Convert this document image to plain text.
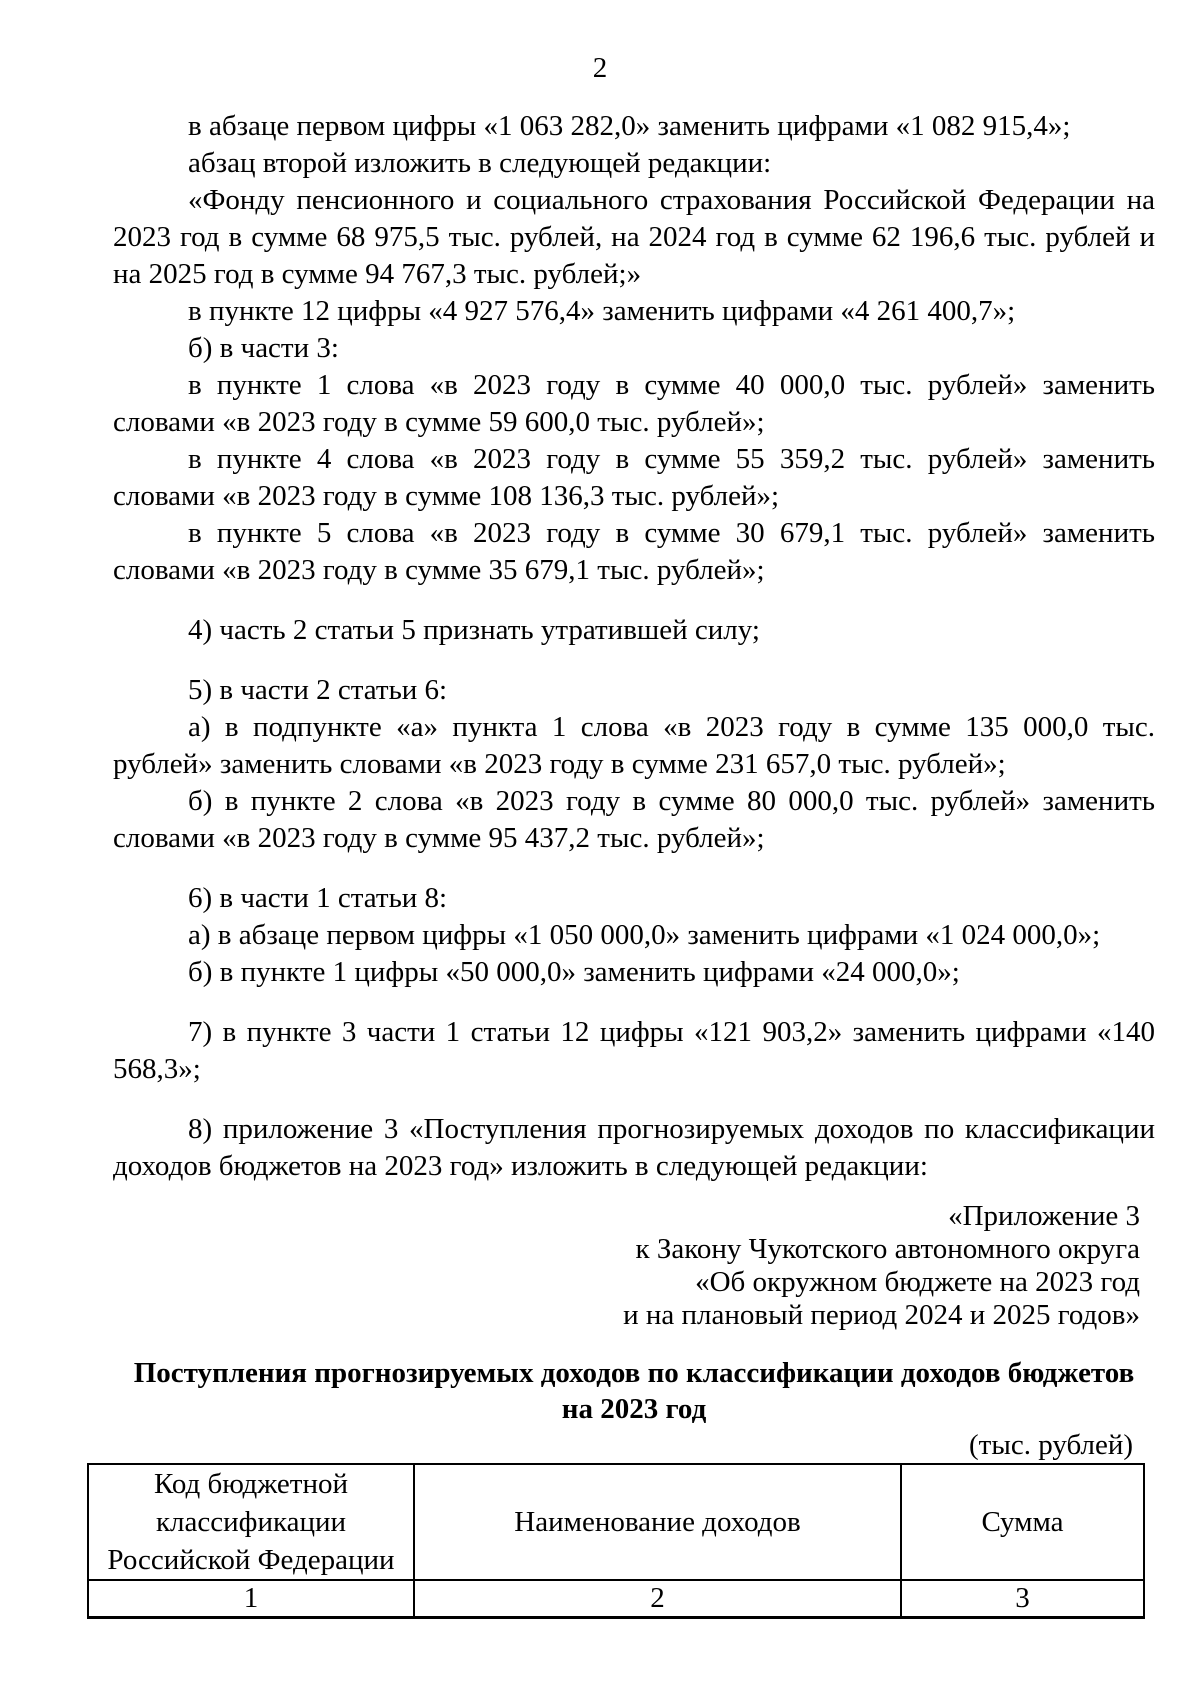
2

в абзаце первом цифры «1 063 282,0» заменить цифрами «1 082 915,4»;

абзац второй изложить в следующей редакции:

«Фонду пенсионного и социального страхования Российской Федерации на 2023 год в сумме 68 975,5 тыс. рублей, на 2024 год в сумме 62 196,6 тыс. рублей и на 2025 год в сумме 94 767,3 тыс. рублей;»

в пункте 12 цифры «4 927 576,4» заменить цифрами «4 261 400,7»;

б) в части 3:

в пункте 1 слова «в 2023 году в сумме 40 000,0 тыс. рублей» заменить словами «в 2023 году в сумме 59 600,0 тыс. рублей»;

в пункте 4 слова «в 2023 году в сумме 55 359,2 тыс. рублей» заменить словами «в 2023 году в сумме 108 136,3 тыс. рублей»;

в пункте 5 слова «в 2023 году в сумме 30 679,1 тыс. рублей» заменить словами «в 2023 году в сумме 35 679,1 тыс. рублей»;

4) часть 2 статьи 5 признать утратившей силу;

5) в части 2 статьи 6:

а) в подпункте «а» пункта 1 слова «в 2023 году в сумме 135 000,0 тыс. рублей» заменить словами «в 2023 году в сумме 231 657,0 тыс. рублей»;

б) в пункте 2 слова «в 2023 году в сумме 80 000,0 тыс. рублей» заменить словами «в 2023 году в сумме 95 437,2 тыс. рублей»;

6) в части 1 статьи 8:

а) в абзаце первом цифры «1 050 000,0» заменить цифрами «1 024 000,0»;

б) в пункте 1 цифры «50 000,0» заменить цифрами «24 000,0»;

7) в пункте 3 части 1 статьи 12 цифры «121 903,2» заменить цифрами «140 568,3»;

8) приложение 3 «Поступления прогнозируемых доходов по классификации доходов бюджетов на 2023 год» изложить в следующей редакции:

«Приложение 3
к Закону Чукотского автономного округа
«Об окружном бюджете на 2023 год
и на плановый период 2024 и 2025 годов»
Поступления прогнозируемых доходов по классификации доходов бюджетов
на 2023 год
(тыс. рублей)
Код бюджетной классификации Российской Федерации	Наименование доходов	Сумма
1	2	3
